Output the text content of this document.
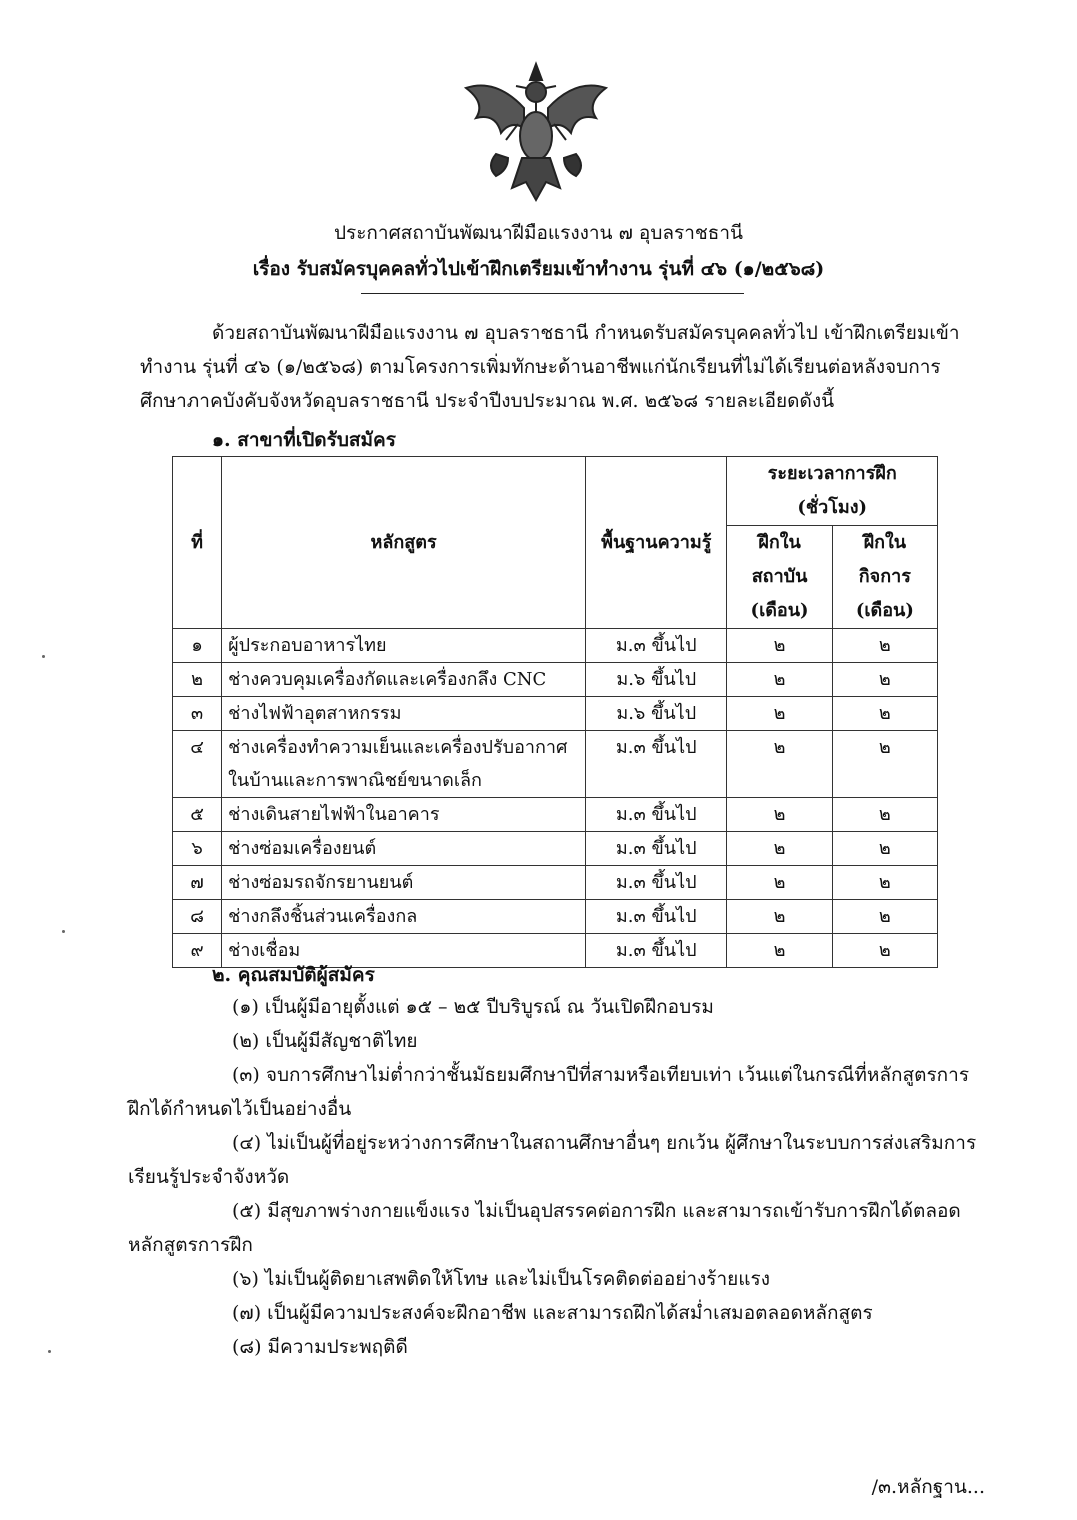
ประกาศสถาบันพัฒนาฝีมือแรงงาน ๗ อุบลราชธานี
เรื่อง รับสมัครบุคคลทั่วไปเข้าฝึกเตรียมเข้าทำงาน รุ่นที่ ๔๖ (๑/๒๕๖๘)
ด้วยสถาบันพัฒนาฝีมือแรงงาน ๗ อุบลราชธานี กำหนดรับสมัครบุคคลทั่วไป เข้าฝึกเตรียมเข้าทำงาน รุ่นที่ ๔๖ (๑/๒๕๖๘) ตามโครงการเพิ่มทักษะด้านอาชีพแก่นักเรียนที่ไม่ได้เรียนต่อหลังจบการศึกษาภาคบังคับจังหวัดอุบลราชธานี ประจำปีงบประมาณ พ.ศ. ๒๕๖๘ รายละเอียดดังนี้
๑. สาขาที่เปิดรับสมัคร
ที่	หลักสูตร	พื้นฐานความรู้	ระยะเวลาการฝึก (ชั่วโมง)	
			ฝึกใน สถาบัน (เดือน)	ฝึกใน กิจการ (เดือน)
๑	ผู้ประกอบอาหารไทย	ม.๓ ขึ้นไป	๒	๒
๒	ช่างควบคุมเครื่องกัดและเครื่องกลึง CNC	ม.๖ ขึ้นไป	๒	๒
๓	ช่างไฟฟ้าอุตสาหกรรม	ม.๖ ขึ้นไป	๒	๒
๔	ช่างเครื่องทำความเย็นและเครื่องปรับอากาศในบ้านและการพาณิชย์ขนาดเล็ก	ม.๓ ขึ้นไป	๒	๒
๕	ช่างเดินสายไฟฟ้าในอาคาร	ม.๓ ขึ้นไป	๒	๒
๖	ช่างซ่อมเครื่องยนต์	ม.๓ ขึ้นไป	๒	๒
๗	ช่างซ่อมรถจักรยานยนต์	ม.๓ ขึ้นไป	๒	๒
๘	ช่างกลึงชิ้นส่วนเครื่องกล	ม.๓ ขึ้นไป	๒	๒
๙	ช่างเชื่อม	ม.๓ ขึ้นไป	๒	๒
๒. คุณสมบัติผู้สมัคร
(๑) เป็นผู้มีอายุตั้งแต่ ๑๕ – ๒๕ ปีบริบูรณ์ ณ วันเปิดฝึกอบรม
(๒) เป็นผู้มีสัญชาติไทย
(๓) จบการศึกษาไม่ต่ำกว่าชั้นมัธยมศึกษาปีที่สามหรือเทียบเท่า เว้นแต่ในกรณีที่หลักสูตรการฝึกได้กำหนดไว้เป็นอย่างอื่น
(๔) ไม่เป็นผู้ที่อยู่ระหว่างการศึกษาในสถานศึกษาอื่นๆ ยกเว้น ผู้ศึกษาในระบบการส่งเสริมการเรียนรู้ประจำจังหวัด
(๕) มีสุขภาพร่างกายแข็งแรง ไม่เป็นอุปสรรคต่อการฝึก และสามารถเข้ารับการฝึกได้ตลอดหลักสูตรการฝึก
(๖) ไม่เป็นผู้ติดยาเสพติดให้โทษ และไม่เป็นโรคติดต่ออย่างร้ายแรง
(๗) เป็นผู้มีความประสงค์จะฝึกอาชีพ และสามารถฝึกได้สม่ำเสมอตลอดหลักสูตร
(๘) มีความประพฤติดี
/๓.หลักฐาน...
